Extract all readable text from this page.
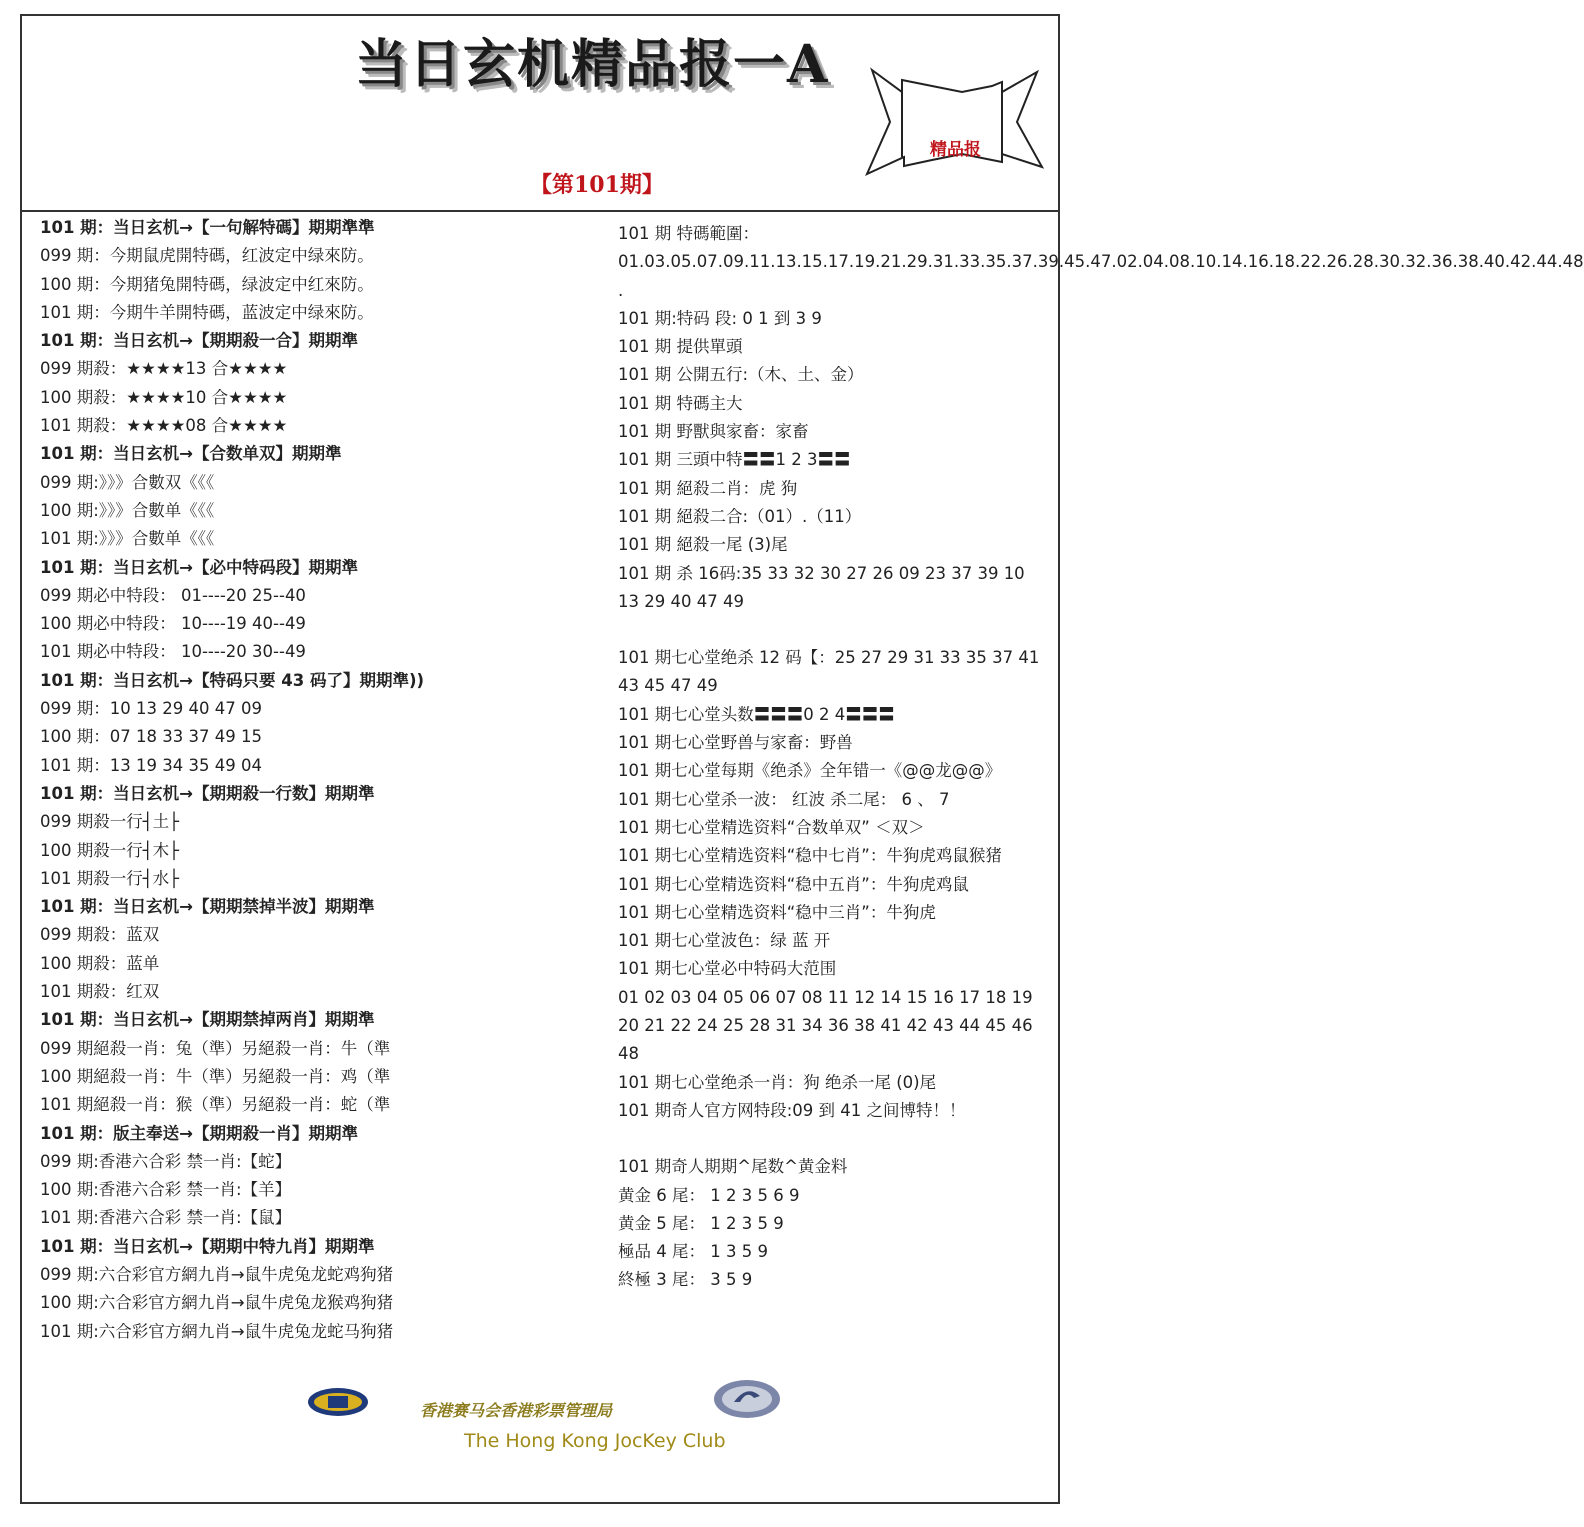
当日玄机精品报一A
精品报
【第101期】
101 期：当日玄机→【一句解特碼】期期準準
099 期：今期鼠虎開特碼，红波定中绿來防。
100 期：今期猪兔開特碼，绿波定中红來防。
101 期：今期牛羊開特碼，蓝波定中绿來防。
101 期：当日玄机→【期期殺一合】期期準
099 期殺：★★★★13 合★★★★
100 期殺：★★★★10 合★★★★
101 期殺：★★★★08 合★★★★
101 期：当日玄机→【合数单双】期期準
099 期:》》》合數双《《《
100 期:》》》合數单《《《
101 期:》》》合數单《《《
101 期：当日玄机→【必中特码段】期期準
099 期必中特段： 01----20 25--40
100 期必中特段： 10----19 40--49
101 期必中特段： 10----20 30--49
101 期：当日玄机→【特码只要 43 码了】期期準))
099 期：10 13 29 40 47 09
100 期：07 18 33 37 49 15
101 期：13 19 34 35 49 04
101 期：当日玄机→【期期殺一行数】期期準
099 期殺一行┤土├
100 期殺一行┤木├
101 期殺一行┤水├
101 期：当日玄机→【期期禁掉半波】期期準
099 期殺：蓝双
100 期殺：蓝单
101 期殺：红双
101 期：当日玄机→【期期禁掉两肖】期期準
099 期絕殺一肖：兔（準）另絕殺一肖：牛（準
100 期絕殺一肖：牛（準）另絕殺一肖：鸡（準
101 期絕殺一肖：猴（準）另絕殺一肖：蛇（準
101 期：版主奉送→【期期殺一肖】期期準
099 期:香港六合彩 禁一肖:【蛇】
100 期:香港六合彩 禁一肖:【羊】
101 期:香港六合彩 禁一肖:【鼠】
101 期：当日玄机→【期期中特九肖】期期準
099 期:六合彩官方網九肖→鼠牛虎兔龙蛇鸡狗猪
100 期:六合彩官方網九肖→鼠牛虎兔龙猴鸡狗猪
101 期:六合彩官方網九肖→鼠牛虎兔龙蛇马狗猪
101 期 特碼範圍：
01.03.05.07.09.11.13.15.17.19.21.29.31.33.35.37.39.45.47.02.04.08.10.14.16.18.22.26.28.30.32.36.38.40.42.44.48 .
101 期:特码 段: 0 1 到 3 9
101 期 提供單頭
101 期 公開五行:（木、土、金）
101 期 特碼主大
101 期 野獸與家畜：家畜
101 期 三頭中特〓〓1 2 3〓〓
101 期 絕殺二肖：虎 狗
101 期 絕殺二合:（01）.（11）
101 期 絕殺一尾 (3)尾
101 期 杀 16码:35 33 32 30 27 26 09 23 37 39 10 13 29 40 47 49
101 期七心堂绝杀 12 码【：25 27 29 31 33 35 37 41 43 45 47 49
101 期七心堂头数〓〓〓0 2 4〓〓〓
101 期七心堂野兽与家畜：野兽
101 期七心堂每期《绝杀》全年错一《@@龙@@》
101 期七心堂杀一波： 红波 杀二尾： 6 、 7
101 期七心堂精选资料“合数单双” ＜双＞
101 期七心堂精选资料“稳中七肖”：牛狗虎鸡鼠猴猪
101 期七心堂精选资料“稳中五肖”：牛狗虎鸡鼠
101 期七心堂精选资料“稳中三肖”：牛狗虎
101 期七心堂波色：绿 蓝 开
101 期七心堂必中特码大范围
01 02 03 04 05 06 07 08 11 12 14 15 16 17 18 19 20 21 22 24 25 28 31 34 36 38 41 42 43 44 45 46 48
101 期七心堂绝杀一肖：狗 绝杀一尾 (0)尾
101 期奇人官方网特段:09 到 41 之间博特！！
101 期奇人期期^尾数^黄金料
黄金 6 尾： 1 2 3 5 6 9
黄金 5 尾： 1 2 3 5 9
極品 4 尾： 1 3 5 9
終極 3 尾： 3 5 9
香港赛马会香港彩票管理局
The Hong Kong JocKey Club
